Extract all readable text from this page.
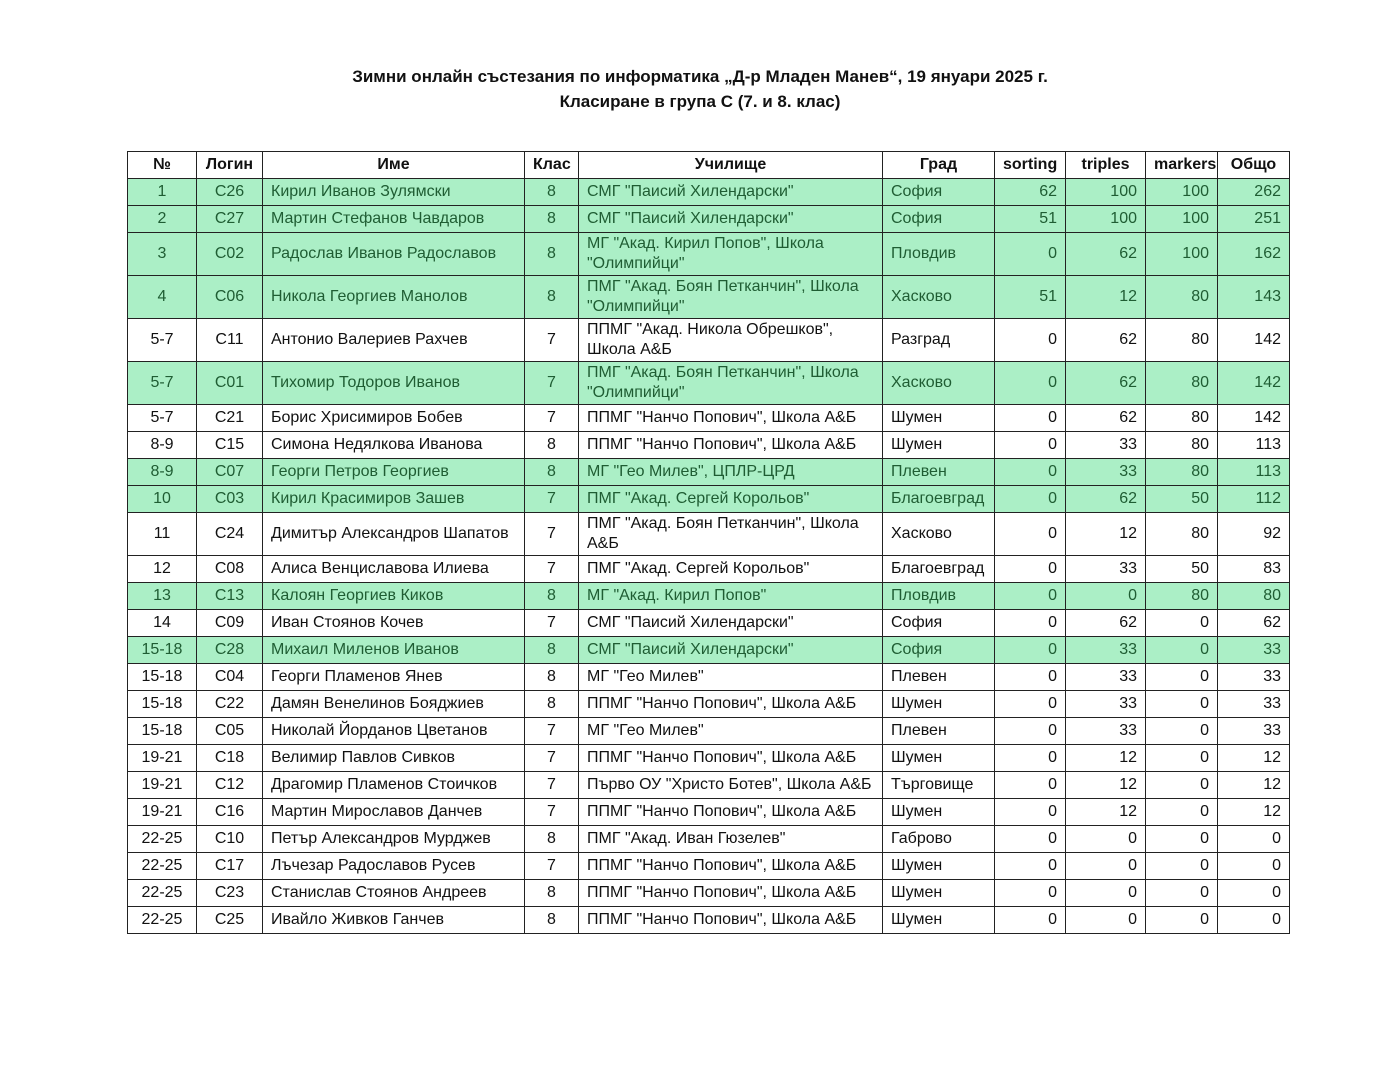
Зимни онлайн състезания по информатика „Д-р Младен Манев“, 19 януари 2025 г.
Класиране в група С (7. и 8. клас)
№	Логин	Име	Клас	Училище	Град	sorting	triples	markers	Общо
1	C26	Кирил Иванов Зулямски	8	СМГ "Паисий Хилендарски"	София	62	100	100	262
2	C27	Мартин Стефанов Чавдаров	8	СМГ "Паисий Хилендарски"	София	51	100	100	251
3	C02	Радослав Иванов Радославов	8	МГ "Акад. Кирил Попов", Школа "Олимпийци"	Пловдив	0	62	100	162
4	C06	Никола Георгиев Манолов	8	ПМГ "Акад. Боян Петканчин", Школа "Олимпийци"	Хасково	51	12	80	143
5-7	C11	Антонио Валериев Рахчев	7	ППМГ "Акад. Никола Обрешков", Школа А&Б	Разград	0	62	80	142
5-7	C01	Тихомир Тодоров Иванов	7	ПМГ "Акад. Боян Петканчин", Школа "Олимпийци"	Хасково	0	62	80	142
5-7	C21	Борис Хрисимиров Бобев	7	ППМГ "Нанчо Попович", Школа А&Б	Шумен	0	62	80	142
8-9	C15	Симона Недялкова Иванова	8	ППМГ "Нанчо Попович", Школа А&Б	Шумен	0	33	80	113
8-9	C07	Георги Петров Георгиев	8	МГ "Гео Милев", ЦПЛР-ЦРД	Плевен	0	33	80	113
10	C03	Кирил Красимиров Зашев	7	ПМГ "Акад. Сергей Корольов"	Благоевград	0	62	50	112
11	C24	Димитър Александров Шапатов	7	ПМГ "Акад. Боян Петканчин", Школа А&Б	Хасково	0	12	80	92
12	C08	Алиса Венциславова Илиева	7	ПМГ "Акад. Сергей Корольов"	Благоевград	0	33	50	83
13	C13	Калоян Георгиев Киков	8	МГ "Акад. Кирил Попов"	Пловдив	0	0	80	80
14	C09	Иван Стоянов Кочев	7	СМГ "Паисий Хилендарски"	София	0	62	0	62
15-18	C28	Михаил Миленов Иванов	8	СМГ "Паисий Хилендарски"	София	0	33	0	33
15-18	C04	Георги Пламенов Янев	8	МГ "Гео Милев"	Плевен	0	33	0	33
15-18	C22	Дамян Венелинов Бояджиев	8	ППМГ "Нанчо Попович", Школа А&Б	Шумен	0	33	0	33
15-18	C05	Николай Йорданов Цветанов	7	МГ "Гео Милев"	Плевен	0	33	0	33
19-21	C18	Велимир Павлов Сивков	7	ППМГ "Нанчо Попович", Школа А&Б	Шумен	0	12	0	12
19-21	C12	Драгомир Пламенов Стоичков	7	Първо ОУ "Христо Ботев", Школа А&Б	Търговище	0	12	0	12
19-21	C16	Мартин Мирославов Данчев	7	ППМГ "Нанчо Попович", Школа А&Б	Шумен	0	12	0	12
22-25	C10	Петър Александров Мурджев	8	ПМГ "Акад. Иван Гюзелев"	Габрово	0	0	0	0
22-25	C17	Лъчезар Радославов Русев	7	ППМГ "Нанчо Попович", Школа А&Б	Шумен	0	0	0	0
22-25	C23	Станислав Стоянов Андреев	8	ППМГ "Нанчо Попович", Школа А&Б	Шумен	0	0	0	0
22-25	C25	Ивайло Живков Ганчев	8	ППМГ "Нанчо Попович", Школа А&Б	Шумен	0	0	0	0
